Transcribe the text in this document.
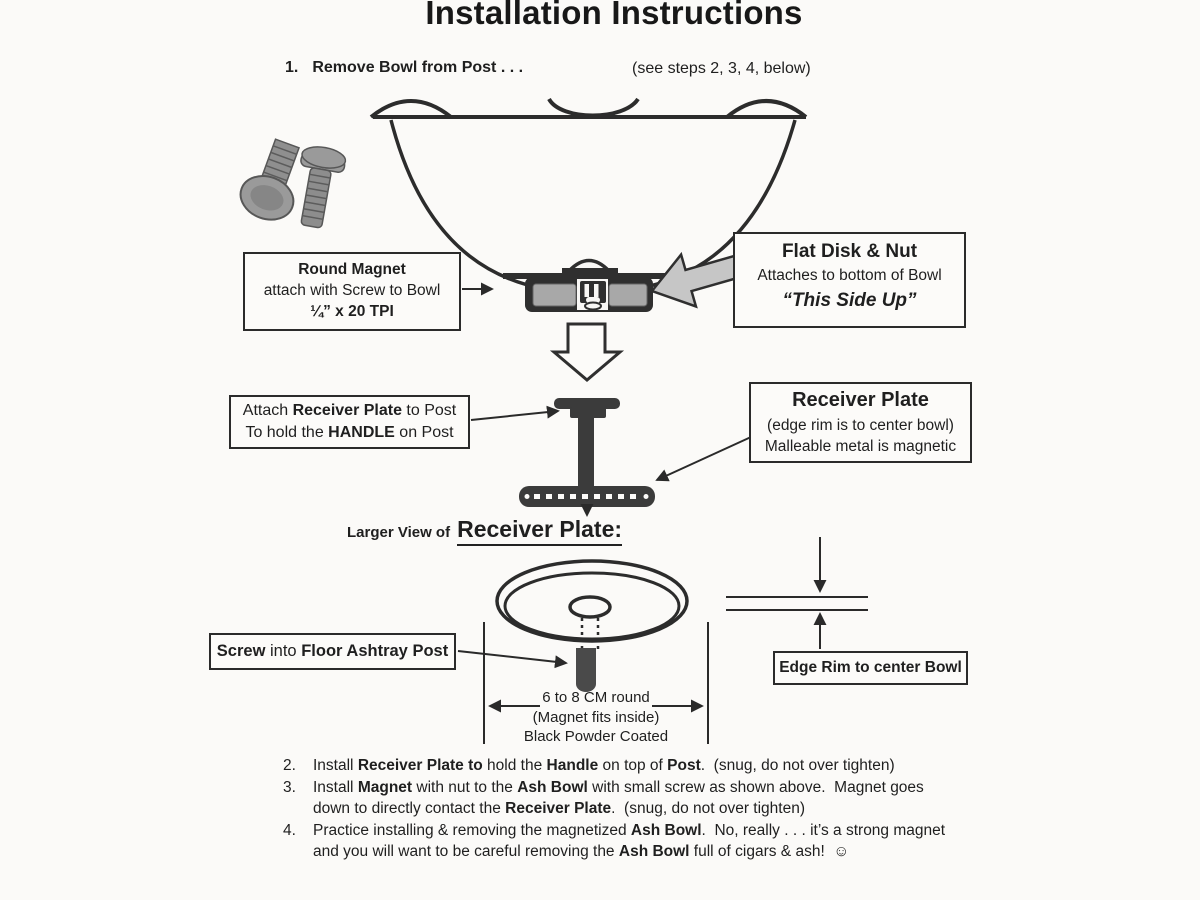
Installation Instructions
1. Remove Bowl from Post . . .	(see steps 2, 3, 4, below)
Round Magnet
attach with Screw to Bowl
¼” x 20 TPI
Flat Disk & Nut
Attaches to bottom of Bowl
“This Side Up”
Attach Receiver Plate to Post
To hold the HANDLE on Post
Receiver Plate
(edge rim is to center bowl)
Malleable metal is magnetic
Larger View of Receiver Plate:
Screw into Floor Ashtray Post
6 to 8 CM round
(Magnet fits inside)
Black Powder Coated
Edge Rim to center Bowl
2.	Install Receiver Plate to hold the Handle on top of Post.  (snug, do not over tighten)
3.	Install Magnet with nut to the Ash Bowl with small screw as shown above.  Magnet goes
down to directly contact the Receiver Plate.  (snug, do not over tighten)
4.	Practice installing & removing the magnetized Ash Bowl.  No, really . . . it’s a strong magnet
and you will want to be careful removing the Ash Bowl full of cigars & ash!  ☺
